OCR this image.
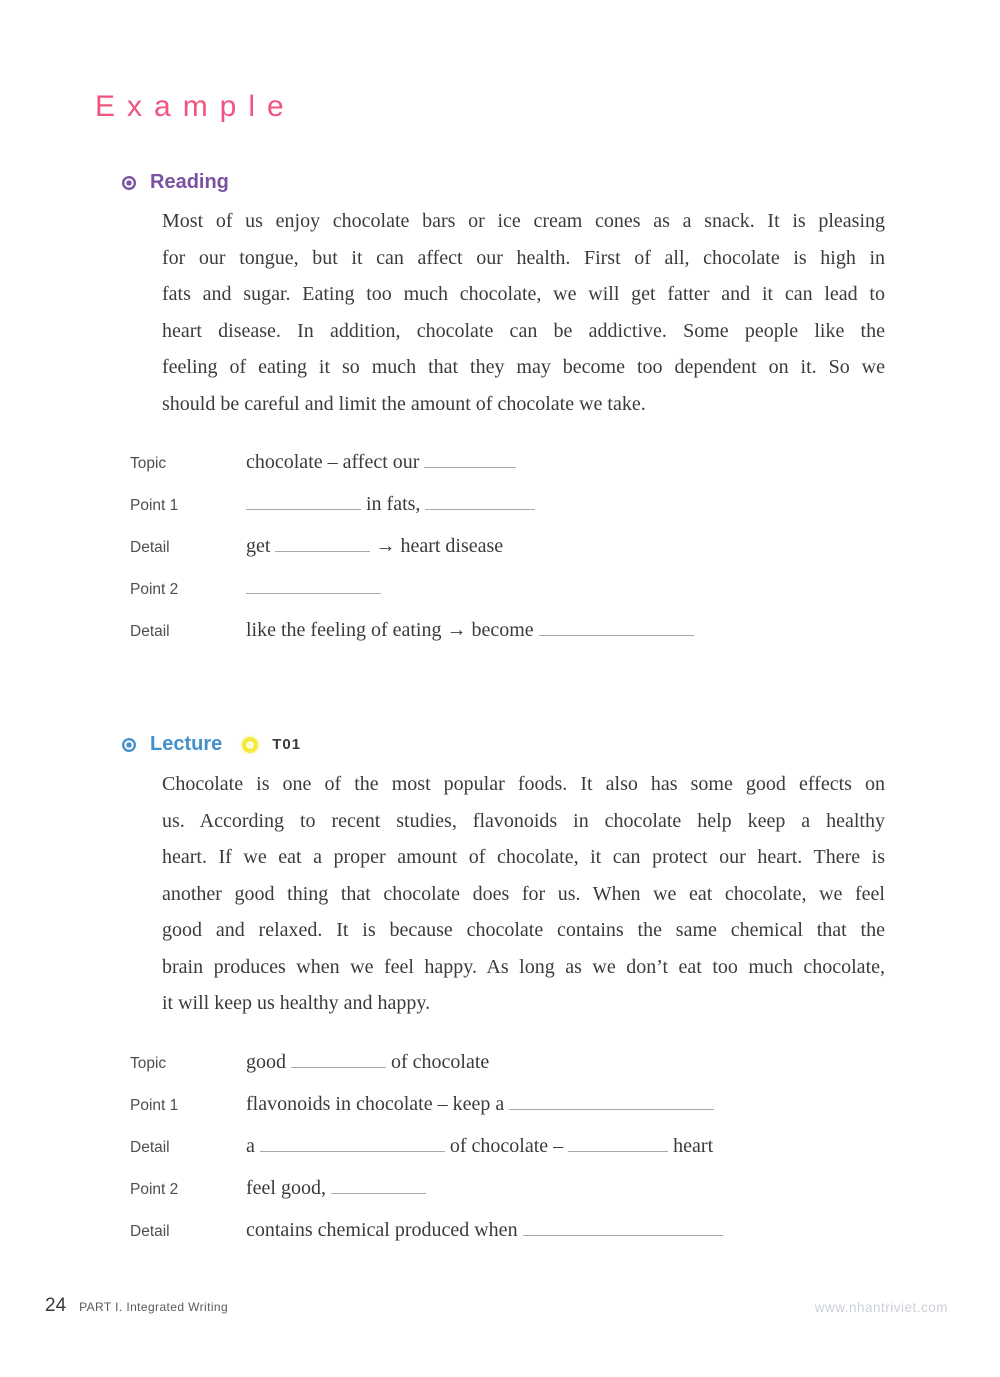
Example
Reading
Most of us enjoy chocolate bars or ice cream cones as a snack. It is pleasing
for our tongue, but it can affect our health. First of all, chocolate is high in
fats and sugar. Eating too much chocolate, we will get fatter and it can lead to
heart disease. In addition, chocolate can be addictive. Some people like the
feeling of eating it so much that they may become too dependent on it. So we
should be careful and limit the amount of chocolate we take.
Topic	chocolate – affect our
Point 1	in fats,
Detail	get	→ heart disease
Point 2
Detail	like the feeling of eating → become
Lecture	T01
Chocolate is one of the most popular foods. It also has some good effects on
us. According to recent studies, flavonoids in chocolate help keep a healthy
heart. If we eat a proper amount of chocolate, it can protect our heart. There is
another good thing that chocolate does for us. When we eat chocolate, we feel
good and relaxed. It is because chocolate contains the same chemical that the
brain produces when we feel happy. As long as we don’t eat too much chocolate,
it will keep us healthy and happy.
Topic	good	of chocolate
Point 1	flavonoids in chocolate – keep a
Detail	a	of chocolate –	heart
Point 2	feel good,
Detail	contains chemical produced when
24 PART I. Integrated Writing	www.nhantriviet.com
